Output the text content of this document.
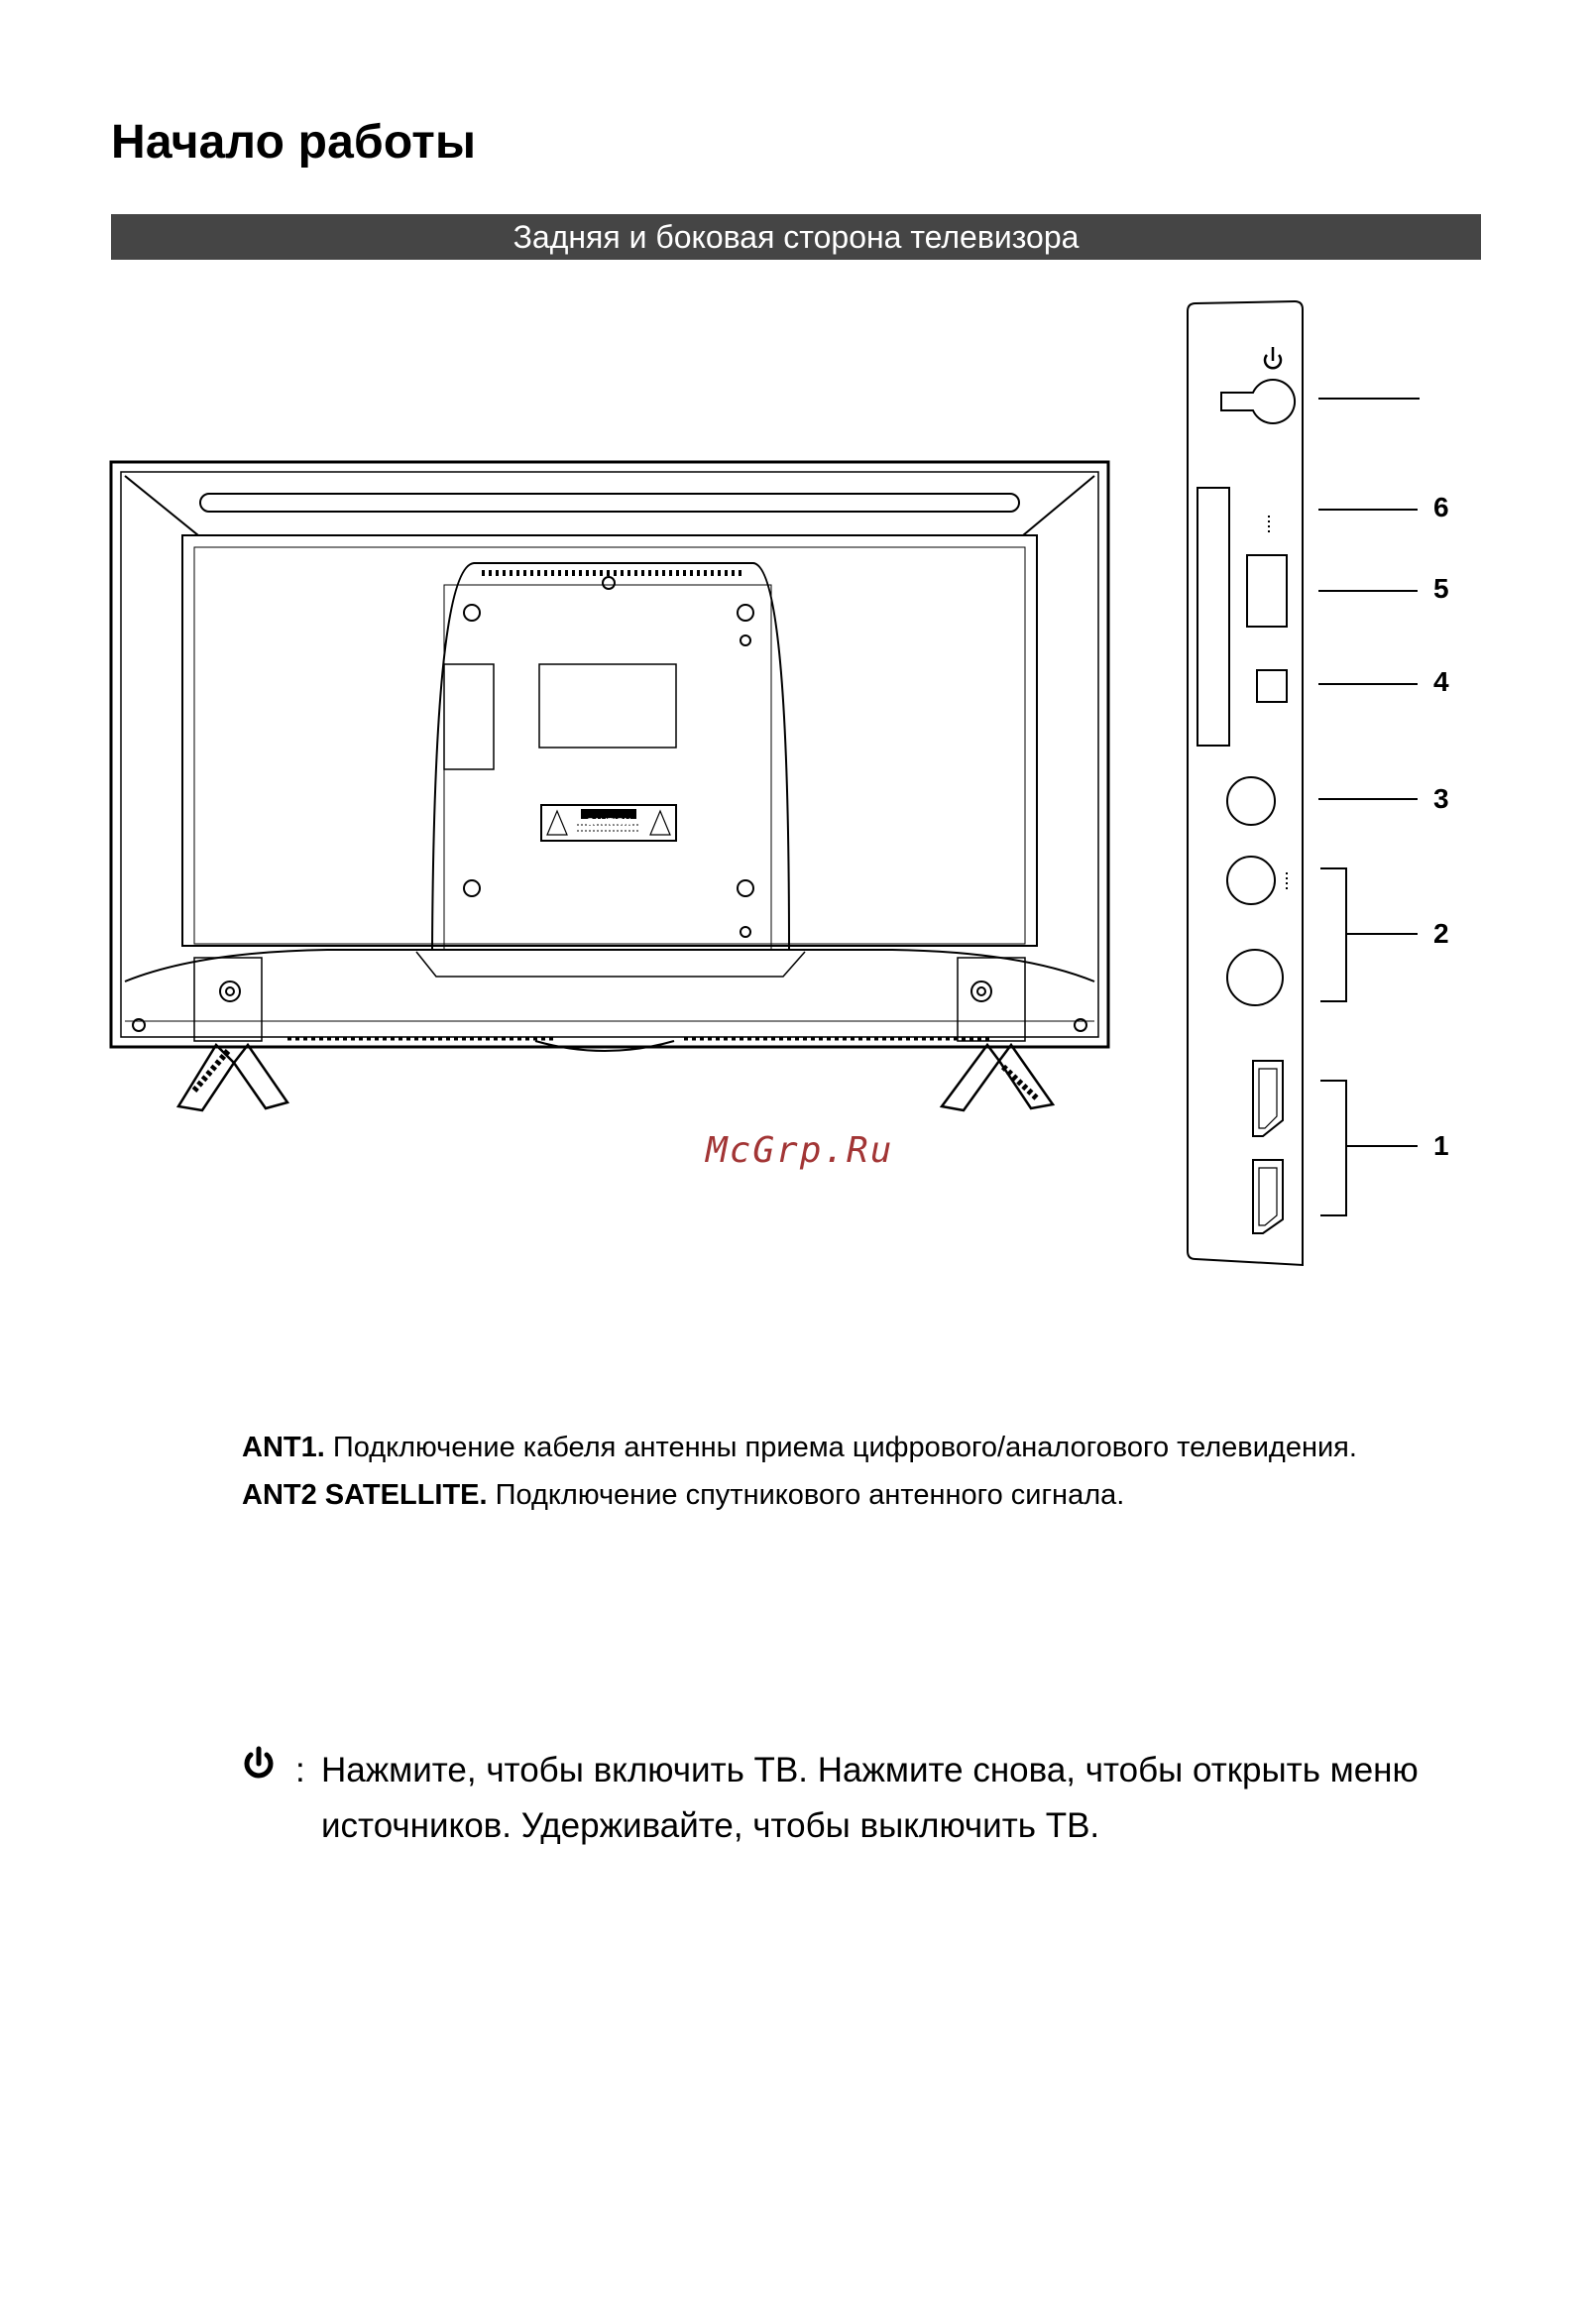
Начало работы
Задняя и боковая сторона телевизора
CAUTION
6
5
4
3
2
1
McGrp.Ru
ANT1. Подключение кабеля антенны приема цифрового/аналогового телевидения.
ANT2 SATELLITE. Подключение спутникового антенного сигнала.
: Нажмите, чтобы включить ТВ. Нажмите снова, чтобы открыть меню
источников. Удерживайте, чтобы выключить ТВ.
